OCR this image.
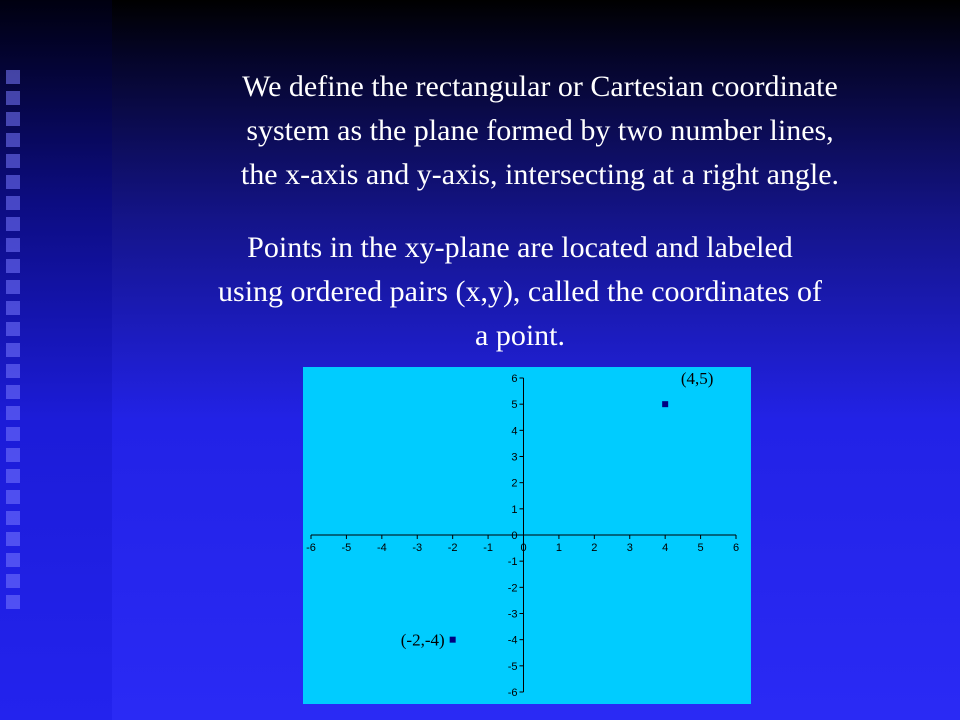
We define the rectangular or Cartesian coordinate
system as the plane formed by two number lines,
the x-axis and y-axis, intersecting at a right angle.
Points in the xy-plane are located and labeled
using ordered pairs (x,y), called the coordinates of
a point.
-6 -5 -4 -3 -2 -1 0	1	2	3	4	5	6
6
5
4
3
2
1
0
-1
-2
-3
-4
-5
-6
(4,5)
(-2,-4)
